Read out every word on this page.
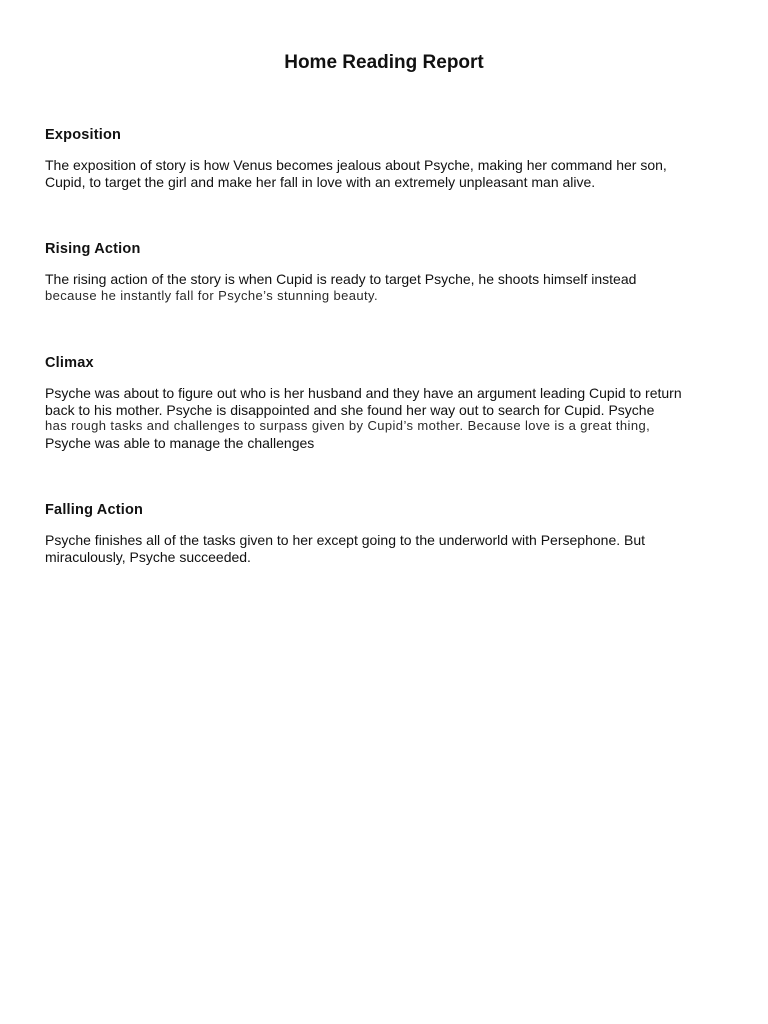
Home Reading Report
Exposition

The exposition of story is how Venus becomes jealous about Psyche, making her command her son,
Cupid, to target the girl and make her fall in love with an extremely unpleasant man alive.

Rising Action

The rising action of the story is when Cupid is ready to target Psyche, he shoots himself instead
because he instantly fall for Psyche’s stunning beauty.

Climax

Psyche was about to figure out who is her husband and they have an argument leading Cupid to return
back to his mother. Psyche is disappointed and she found her way out to search for Cupid. Psyche
has rough tasks and challenges to surpass given by Cupid’s mother. Because love is a great thing,
Psyche was able to manage the challenges

Falling Action

Psyche finishes all of the tasks given to her except going to the underworld with Persephone. But
miraculously, Psyche succeeded.
